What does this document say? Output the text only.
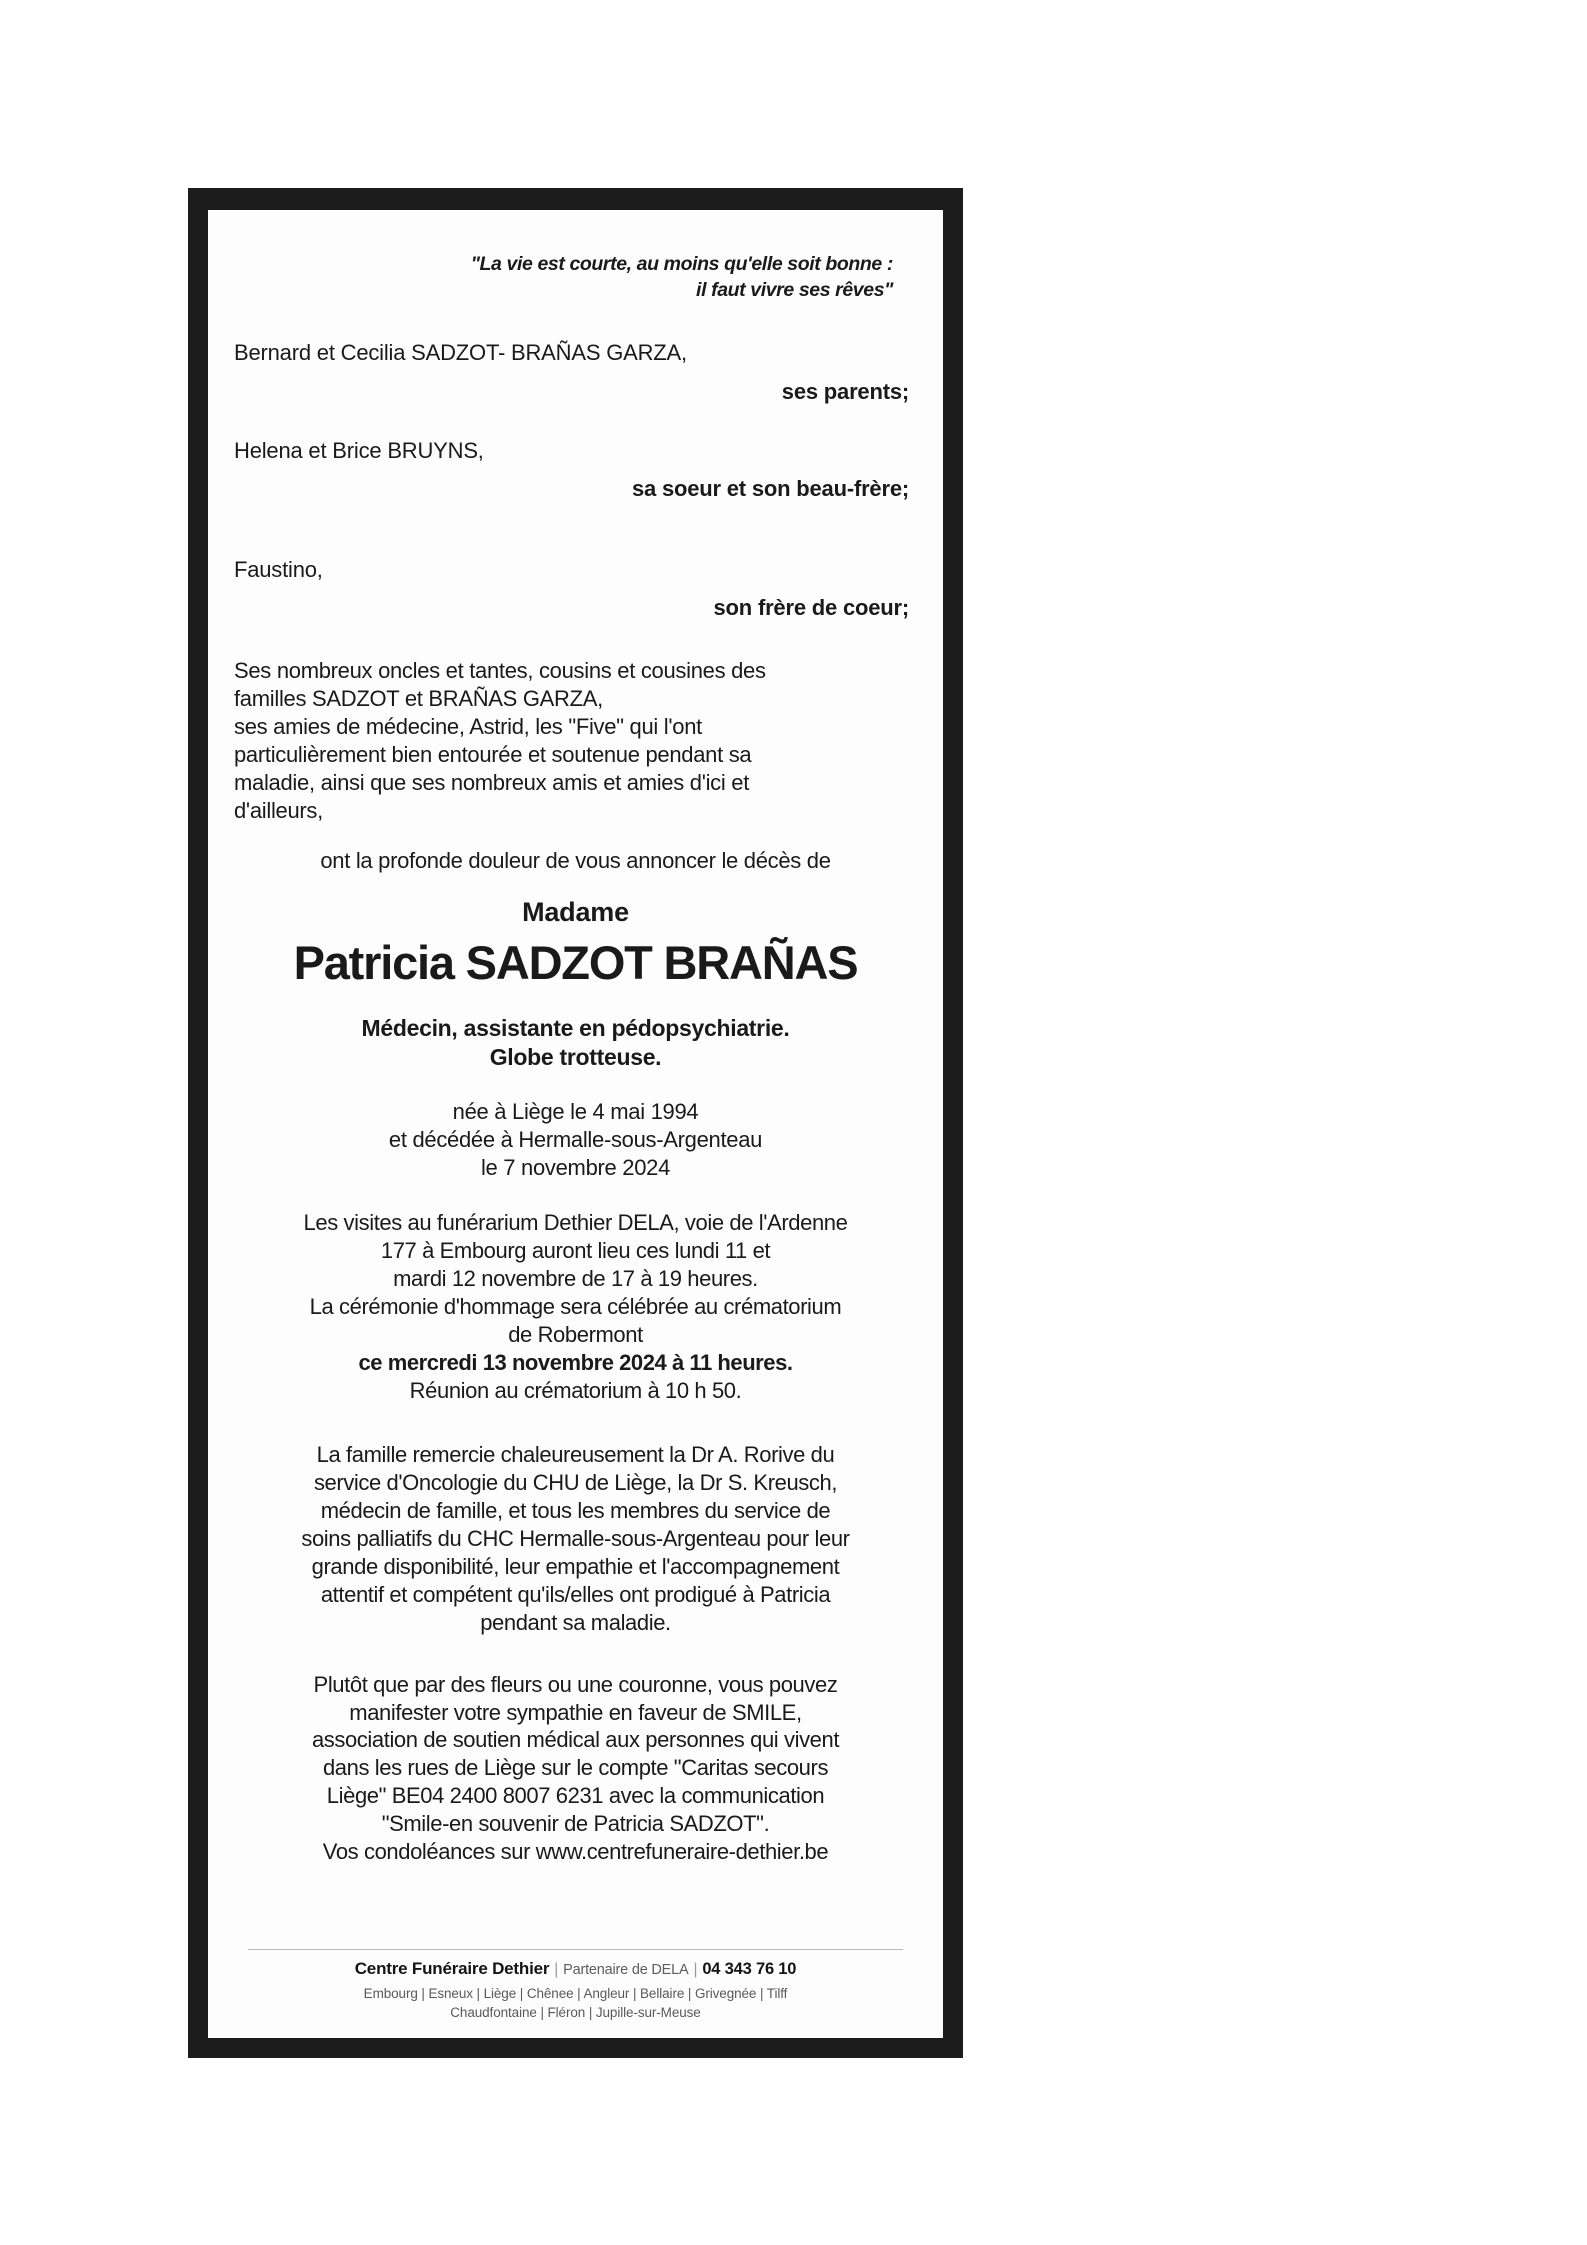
"La vie est courte, au moins qu'elle soit bonne :
il faut vivre ses rêves"
Bernard et Cecilia SADZOT- BRAÑAS GARZA,
ses parents;
Helena et Brice BRUYNS,
sa soeur et son beau-frère;
Faustino,
son frère de coeur;
Ses nombreux oncles et tantes, cousins et cousines des
familles SADZOT et BRAÑAS GARZA,
ses amies de médecine, Astrid, les "Five" qui l'ont
particulièrement bien entourée et soutenue pendant sa
maladie, ainsi que ses nombreux amis et amies d'ici et
d'ailleurs,
ont la profonde douleur de vous annoncer le décès de
Madame
Patricia SADZOT BRAÑAS
Médecin, assistante en pédopsychiatrie.
Globe trotteuse.
née à Liège le 4 mai 1994
et décédée à Hermalle-sous-Argenteau
le 7 novembre 2024
Les visites au funérarium Dethier DELA, voie de l'Ardenne
177 à Embourg auront lieu ces lundi 11 et
mardi 12 novembre de 17 à 19 heures.
La cérémonie d'hommage sera célébrée au crématorium
de Robermont
ce mercredi 13 novembre 2024 à 11 heures.
Réunion au crématorium à 10 h 50.
La famille remercie chaleureusement la Dr A. Rorive du
service d'Oncologie du CHU de Liège, la Dr S. Kreusch,
médecin de famille, et tous les membres du service de
soins palliatifs du CHC Hermalle-sous-Argenteau pour leur
grande disponibilité, leur empathie et l'accompagnement
attentif et compétent qu'ils/elles ont prodigué à Patricia
pendant sa maladie.
Plutôt que par des fleurs ou une couronne, vous pouvez
manifester votre sympathie en faveur de SMILE,
association de soutien médical aux personnes qui vivent
dans les rues de Liège sur le compte "Caritas secours
Liège" BE04 2400 8007 6231 avec la communication
"Smile-en souvenir de Patricia SADZOT".
Vos condoléances sur www.centrefuneraire-dethier.be
Centre Funéraire Dethier | Partenaire de DELA | 04 343 76 10
Embourg | Esneux | Liège | Chênee | Angleur | Bellaire | Grivegnée | Tilff
Chaudfontaine | Fléron | Jupille-sur-Meuse
